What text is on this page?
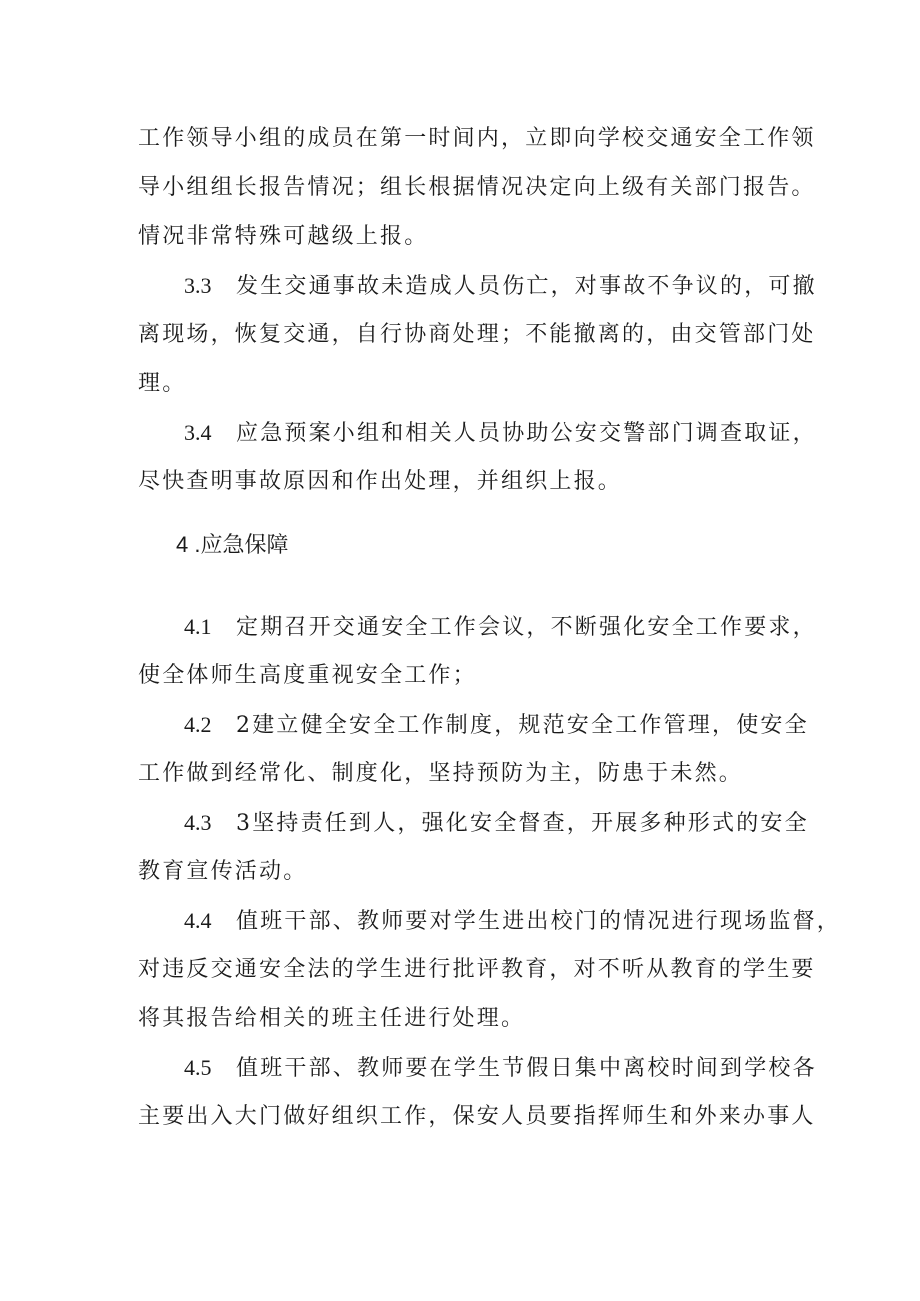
工作领导小组的成员在第一时间内，立即向学校交通安全工作领
导小组组长报告情况；组长根据情况决定向上级有关部门报告。
情况非常特殊可越级上报。
3.3 发生交通事故未造成人员伤亡，对事故不争议的，可撤
离现场，恢复交通，自行协商处理；不能撤离的，由交管部门处
理。
3.4 应急预案小组和相关人员协助公安交警部门调查取证，
尽快查明事故原因和作出处理，并组织上报。
4 .应急保障
4.1 定期召开交通安全工作会议，不断强化安全工作要求，
使全体师生高度重视安全工作；
4.2 2建立健全安全工作制度，规范安全工作管理，使安全
工作做到经常化、制度化，坚持预防为主，防患于未然。
4.3 3坚持责任到人，强化安全督查，开展多种形式的安全
教育宣传活动。
4.4 值班干部、教师要对学生进出校门的情况进行现场监督，
对违反交通安全法的学生进行批评教育，对不听从教育的学生要
将其报告给相关的班主任进行处理。
4.5 值班干部、教师要在学生节假日集中离校时间到学校各
主要出入大门做好组织工作，保安人员要指挥师生和外来办事人
